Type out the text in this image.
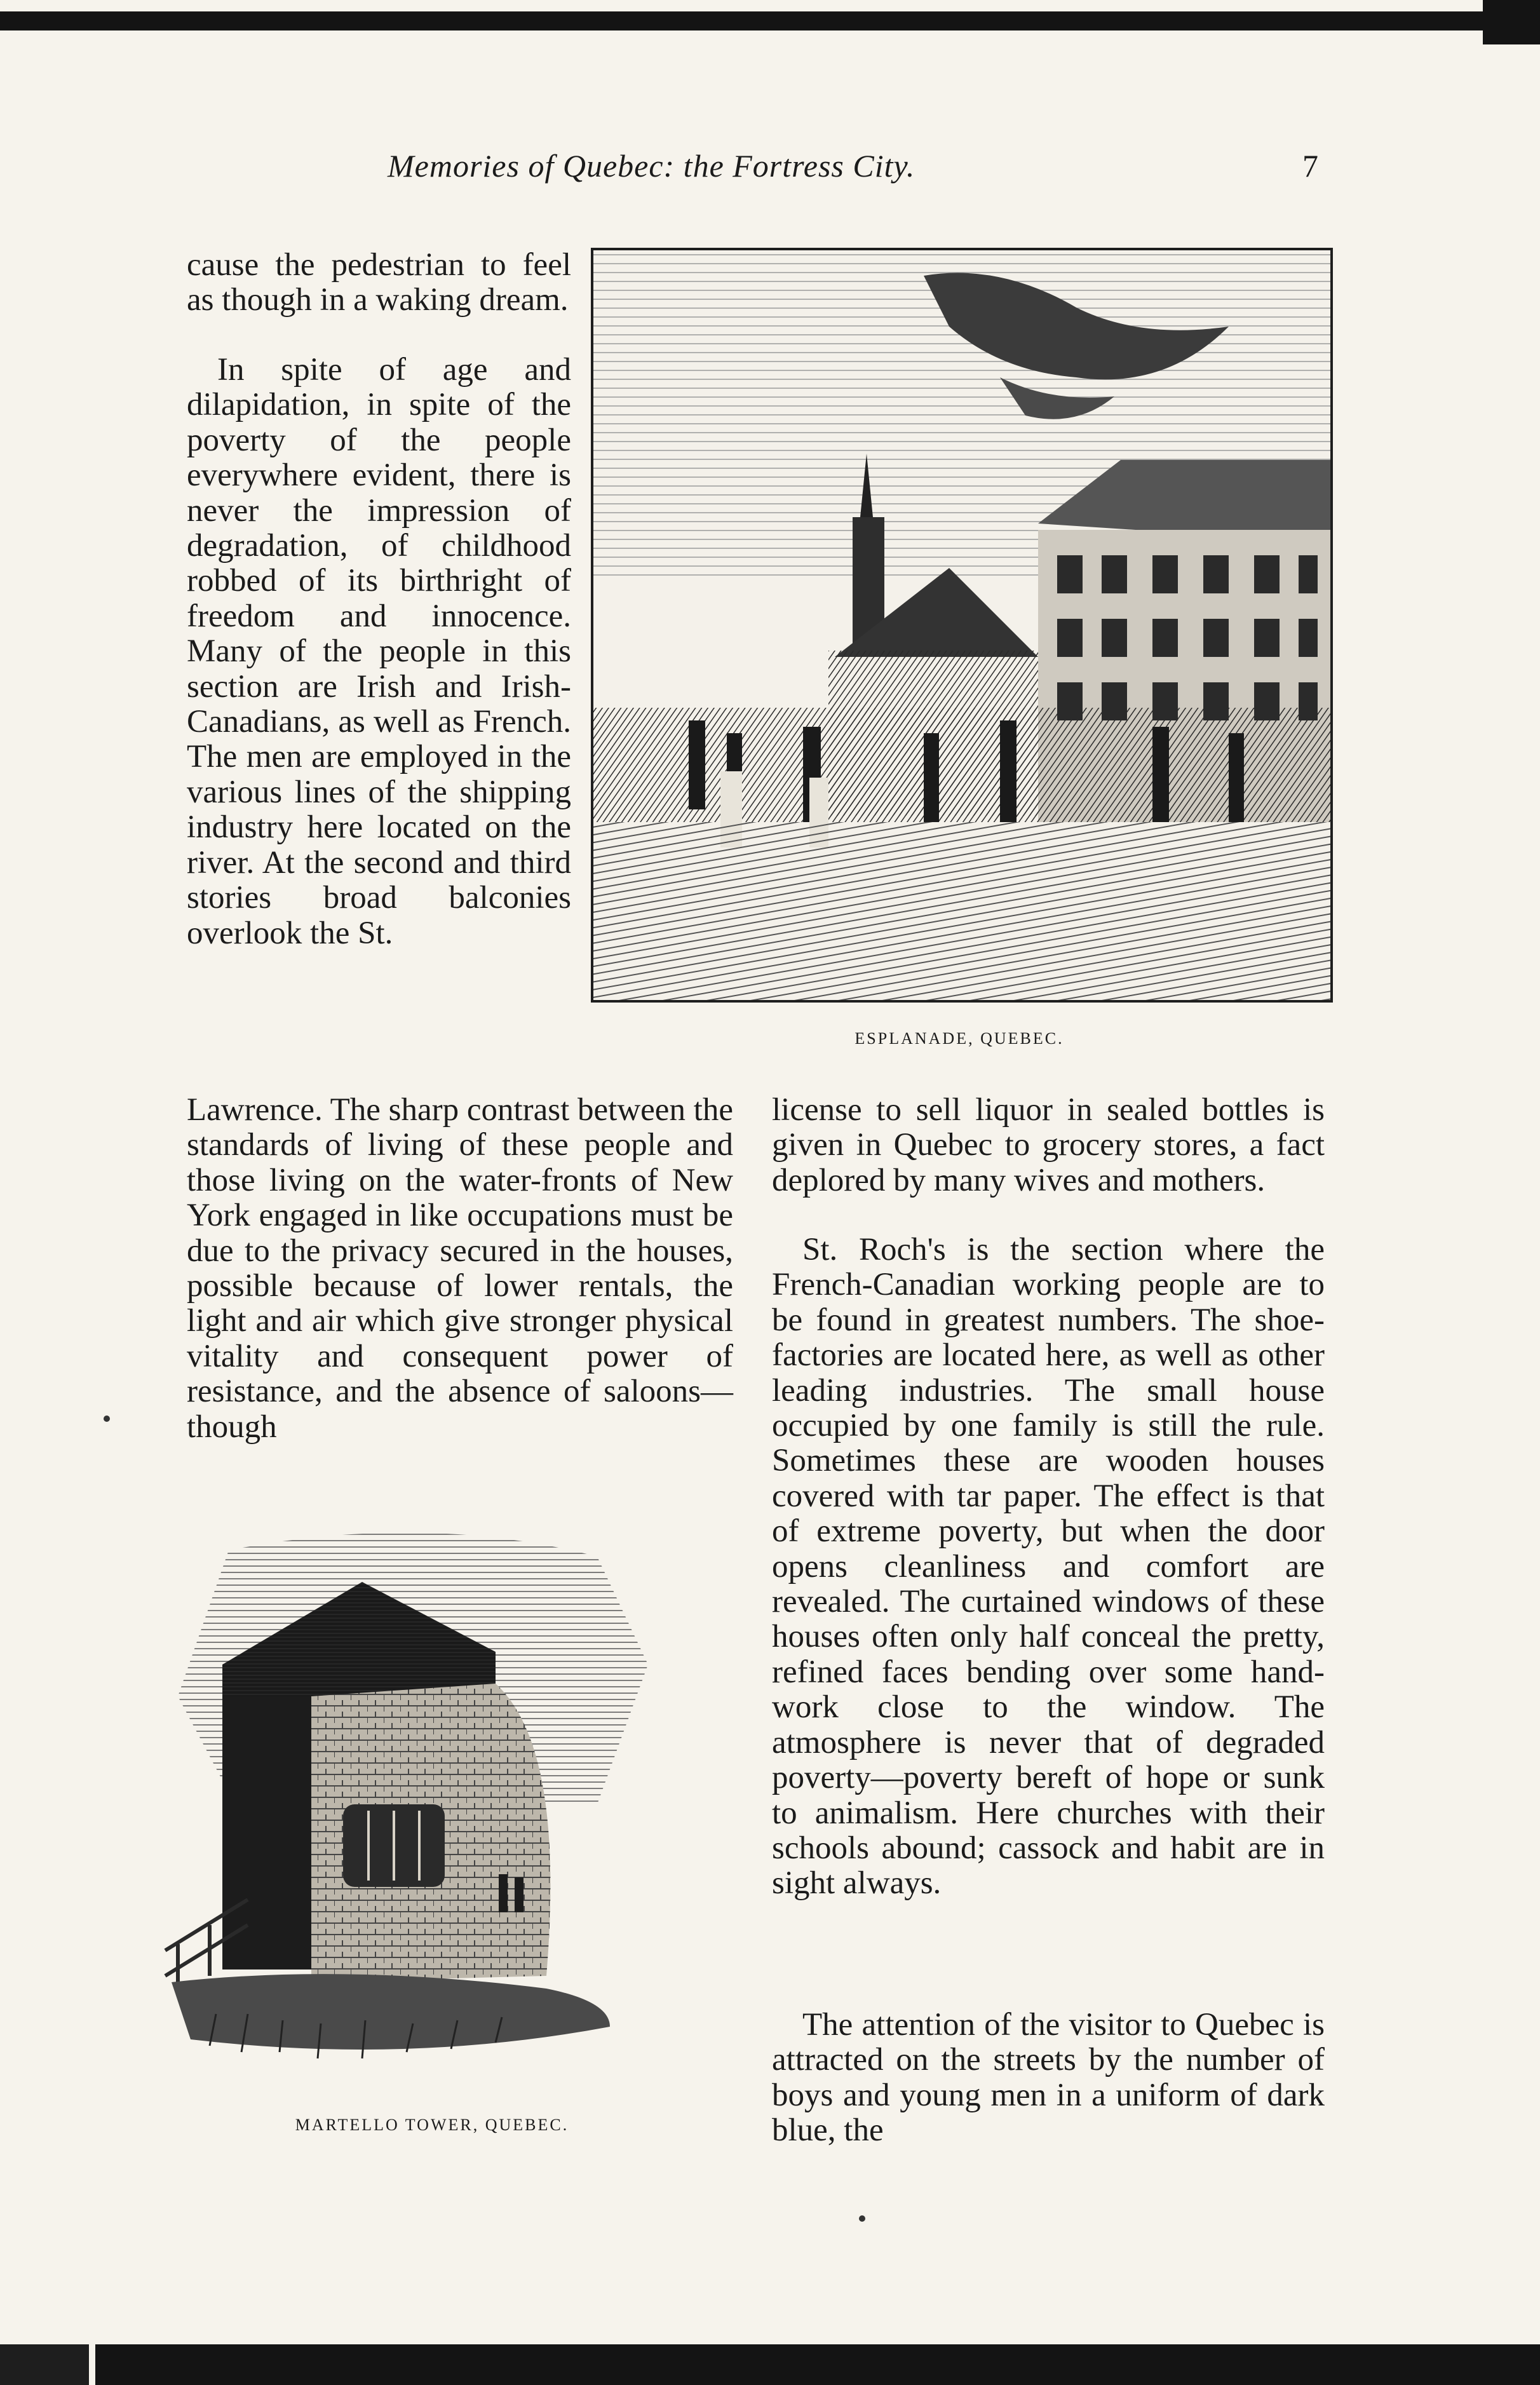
Memories of Quebec: the Fortress City.	7
ESPLANADE, QUEBEC.

cause the pedestrian to feel as though in a waking dream.

In spite of age and dilapidation, in spite of the poverty of the people everywhere evident, there is never the impression of degradation, of childhood robbed of its birthright of freedom and innocence. Many of the people in this section are Irish and Irish-Canadians, as well as French. The men are employed in the various lines of the shipping industry here located on the river. At the second and third stories broad balconies overlook the St.

Lawrence. The sharp contrast between the standards of living of these people and those living on the water-fronts of New York engaged in like occupations must be due to the privacy secured in the houses, possible because of lower rentals, the light and air which give stronger physical vitality and consequent power of resistance, and the absence of saloons—though

MARTELLO TOWER, QUEBEC.

license to sell liquor in sealed bottles is given in Quebec to grocery stores, a fact deplored by many wives and mothers.

St. Roch's is the section where the French-Canadian working people are to be found in greatest numbers. The shoe-factories are located here, as well as other leading industries. The small house occupied by one family is still the rule. Sometimes these are wooden houses covered with tar paper. The effect is that of extreme poverty, but when the door opens cleanliness and comfort are revealed. The curtained windows of these houses often only half conceal the pretty, refined faces bending over some hand-work close to the window. The atmosphere is never that of degraded poverty—poverty bereft of hope or sunk to animalism. Here churches with their schools abound; cassock and habit are in sight always.

The attention of the visitor to Quebec is attracted on the streets by the number of boys and young men in a uniform of dark blue, the
